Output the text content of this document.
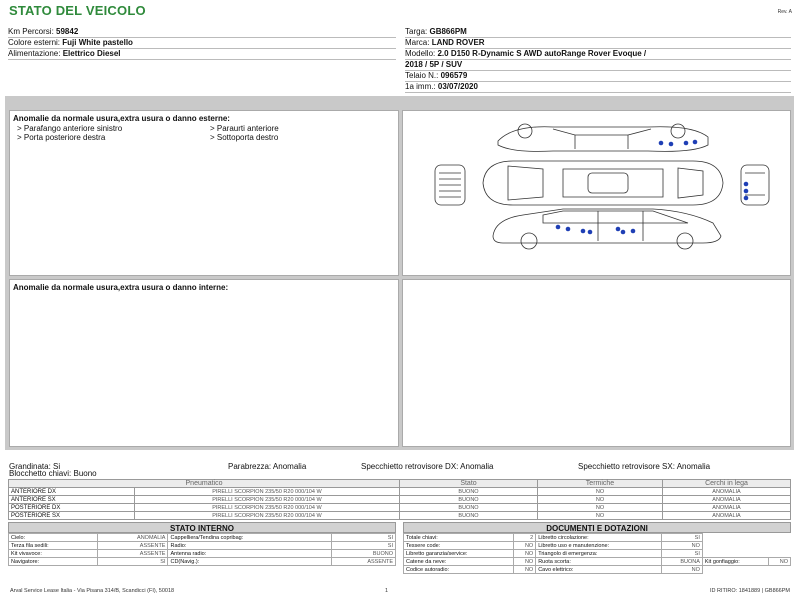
STATO DEL VEICOLO	Rev. A
Km Percorsi: 59842
Colore esterni: Fuji White pastello
Alimentazione: Elettrico Diesel
Targa: GB866PM
Marca: LAND ROVER
Modello: 2.0 D150 R-Dynamic S AWD autoRange Rover Evoque /
2018 / 5P / SUV
Telaio N.: 096579
1a imm.: 03/07/2020
Anomalie da normale usura,extra usura o danno esterne:
> Parafango anteriore sinistro
> Porta posteriore destra
> Paraurti anteriore
> Sottoporta destro
Anomalie da normale usura,extra usura o danno interne:
Grandinata: Si
Blocchetto chiavi: Buono
Parabrezza: Anomalia	Specchietto retrovisore DX: Anomalia	Specchietto retrovisore SX: Anomalia
Pneumatico		Stato	Termiche	Cerchi in lega
ANTERIORE DX	PIRELLI SCORPION 235/50 R20 000/104 W	BUONO	NO	ANOMALIA
ANTERIORE SX	PIRELLI SCORPION 235/50 R20 000/104 W	BUONO	NO	ANOMALIA
POSTERIORE DX	PIRELLI SCORPION 235/50 R20 000/104 W	BUONO	NO	ANOMALIA
POSTERIORE SX	PIRELLI SCORPION 235/50 R20 000/104 W	BUONO	NO	ANOMALIA
STATO INTERNO
Cielo:	ANOMALIA	Cappelliera/Tendina copribag:	SI
Terza fila sedili:	ASSENTE	Radio:	SI
Kit vivavoce:	ASSENTE	Antenna radio:	BUONO
Navigatore:	SI	CD(Navig.):	ASSENTE
DOCUMENTI E DOTAZIONI
Totale chiavi:	2	Libretto circolazione:	SI		
Tessere code:	NO	Libretto uso e manutenzione:	NO		
Libretto garanzia/service:	NO	Triangolo di emergenza:	SI		
Catene da neve:	NO	Ruota scorta:	BUONA	Kit gonfiaggio:	NO
Codice autoradio:	NO	Cavo elettrico:	NO		
Arval Service Lease Italia - Via Pisana 314/B, Scandicci (FI), 50018	1	ID RITIRO: 1841889 | GB866PM
